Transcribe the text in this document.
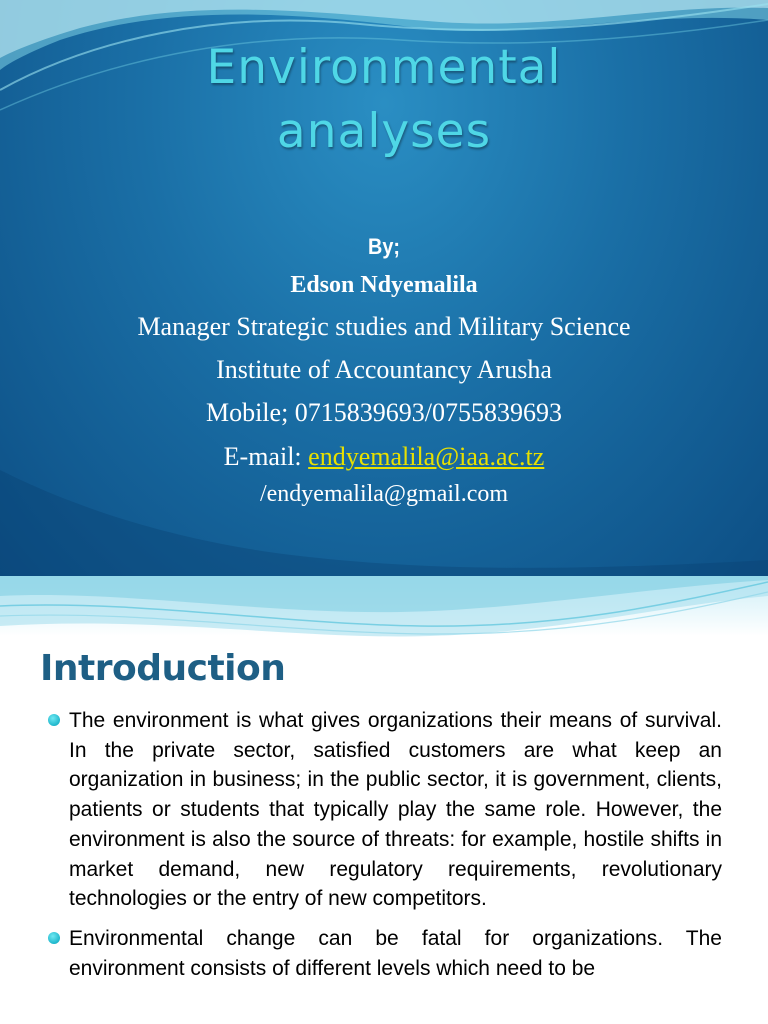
Environmental
analyses
By;

Edson Ndyemalila

Manager Strategic studies and Military Science

Institute of Accountancy Arusha

Mobile; 0715839693/0755839693

E-mail: endyemalila@iaa.ac.tz

/endyemalila@gmail.com

Introduction

The environment is what gives organizations their means of survival. In the private sector, satisfied customers are what keep an organization in business; in the public sector, it is government, clients, patients or students that typically play the same role. However, the environment is also the source of threats: for example, hostile shifts in market demand, new regulatory requirements, revolutionary technologies or the entry of new competitors.

Environmental change can be fatal for organizations. The environment consists of different levels which need to be
